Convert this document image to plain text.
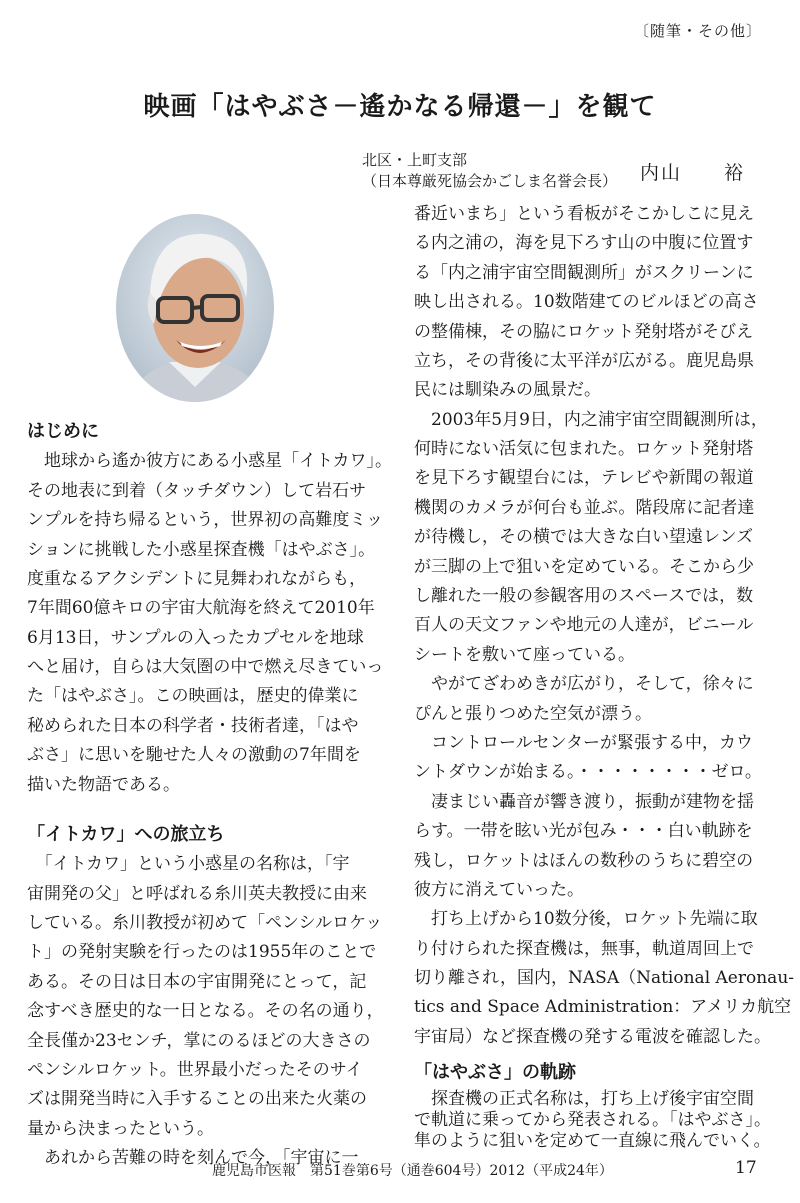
〔随筆・その他〕
映画「はやぶさ－遙かなる帰還－」を観て
北区・上町支部
（日本尊厳死協会かごしま名誉会長） 内山　　裕
はじめに
　地球から遙か彼方にある小惑星「イトカワ」。
その地表に到着（タッチダウン）して岩石サ
ンプルを持ち帰るという，世界初の高難度ミッ
ションに挑戦した小惑星探査機「はやぶさ」。
度重なるアクシデントに見舞われながらも，
7年間60億キロの宇宙大航海を終えて2010年
6月13日，サンプルの入ったカプセルを地球
へと届け，自らは大気圏の中で燃え尽きていっ
た「はやぶさ」。この映画は，歴史的偉業に
秘められた日本の科学者・技術者達，「はや
ぶさ」に思いを馳せた人々の激動の7年間を
描いた物語である。
「イトカワ」への旅立ち
　「イトカワ」という小惑星の名称は，「宇
宙開発の父」と呼ばれる糸川英夫教授に由来
している。糸川教授が初めて「ペンシルロケッ
ト」の発射実験を行ったのは1955年のことで
ある。その日は日本の宇宙開発にとって，記
念すべき歴史的な一日となる。その名の通り，
全長僅か23センチ，掌にのるほどの大きさの
ペンシルロケット。世界最小だったそのサイ
ズは開発当時に入手することの出来た火薬の
量から決まったという。
　あれから苦難の時を刻んで今，「宇宙に一
番近いまち」という看板がそこかしこに見え
る内之浦の，海を見下ろす山の中腹に位置す
る「内之浦宇宙空間観測所」がスクリーンに
映し出される。10数階建てのビルほどの高さ
の整備棟，その脇にロケット発射塔がそびえ
立ち，その背後に太平洋が広がる。鹿児島県
民には馴染みの風景だ。
　2003年5月9日，内之浦宇宙空間観測所は，
何時にない活気に包まれた。ロケット発射塔
を見下ろす観望台には，テレビや新聞の報道
機関のカメラが何台も並ぶ。階段席に記者達
が待機し，その横では大きな白い望遠レンズ
が三脚の上で狙いを定めている。そこから少
し離れた一般の参観客用のスペースでは，数
百人の天文ファンや地元の人達が，ビニール
シートを敷いて座っている。
　やがてざわめきが広がり，そして，徐々に
ぴんと張りつめた空気が漂う。
　コントロールセンターが緊張する中，カウ
ントダウンが始まる。・・・・・・・・ゼロ。
　凄まじい轟音が響き渡り，振動が建物を揺
らす。一帯を眩い光が包み・・・白い軌跡を
残し，ロケットはほんの数秒のうちに碧空の
彼方に消えていった。
　打ち上げから10数分後，ロケット先端に取
り付けられた探査機は，無事，軌道周回上で
切り離され，国内，NASA（National Aeronau-
tics and Space Administration：アメリカ航空
宇宙局）など探査機の発する電波を確認した。
「はやぶさ」の軌跡
　探査機の正式名称は，打ち上げ後宇宙空間
で軌道に乗ってから発表される。「はやぶさ」。
隼のように狙いを定めて一直線に飛んでいく。
鹿児島市医報　第51巻第6号（通巻604号）2012（平成24年）	17
